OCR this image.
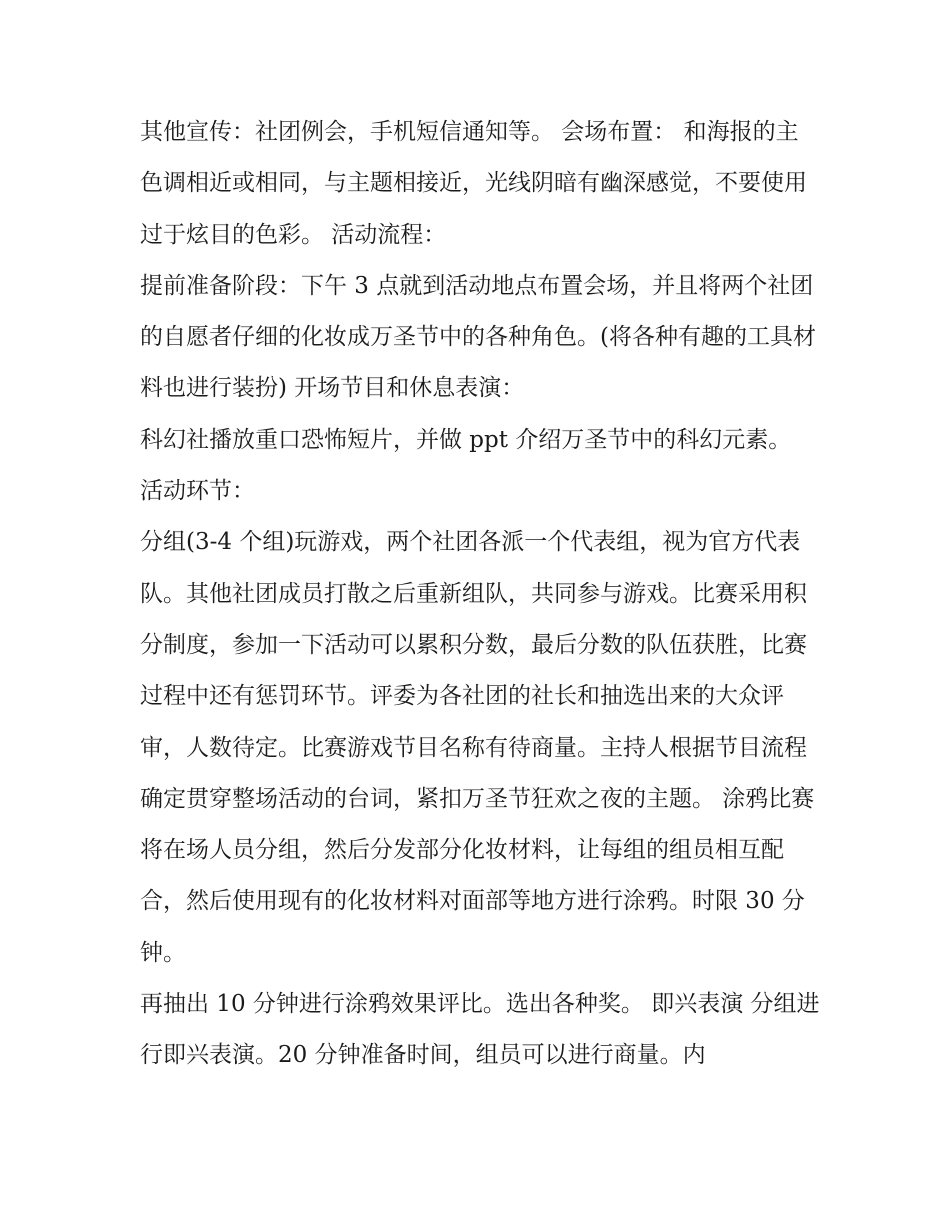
其他宣传：社团例会，手机短信通知等。 会场布置： 和海报的主色调相近或相同，与主题相接近，光线阴暗有幽深感觉，不要使用过于炫目的色彩。 活动流程：

提前准备阶段：下午 3 点就到活动地点布置会场，并且将两个社团的自愿者仔细的化妆成万圣节中的各种角色。(将各种有趣的工具材料也进行装扮) 开场节目和休息表演：

科幻社播放重口恐怖短片，并做 ppt 介绍万圣节中的科幻元素。 活动环节：

分组(3-4 个组)玩游戏，两个社团各派一个代表组，视为官方代表队。其他社团成员打散之后重新组队，共同参与游戏。比赛采用积分制度，参加一下活动可以累积分数，最后分数的队伍获胜，比赛过程中还有惩罚环节。评委为各社团的社长和抽选出来的大众评审，人数待定。比赛游戏节目名称有待商量。主持人根据节目流程确定贯穿整场活动的台词，紧扣万圣节狂欢之夜的主题。 涂鸦比赛

将在场人员分组，然后分发部分化妆材料，让每组的组员相互配合，然后使用现有的化妆材料对面部等地方进行涂鸦。时限 30 分钟。

再抽出 10 分钟进行涂鸦效果评比。选出各种奖。 即兴表演 分组进行即兴表演。20 分钟准备时间，组员可以进行商量。内
